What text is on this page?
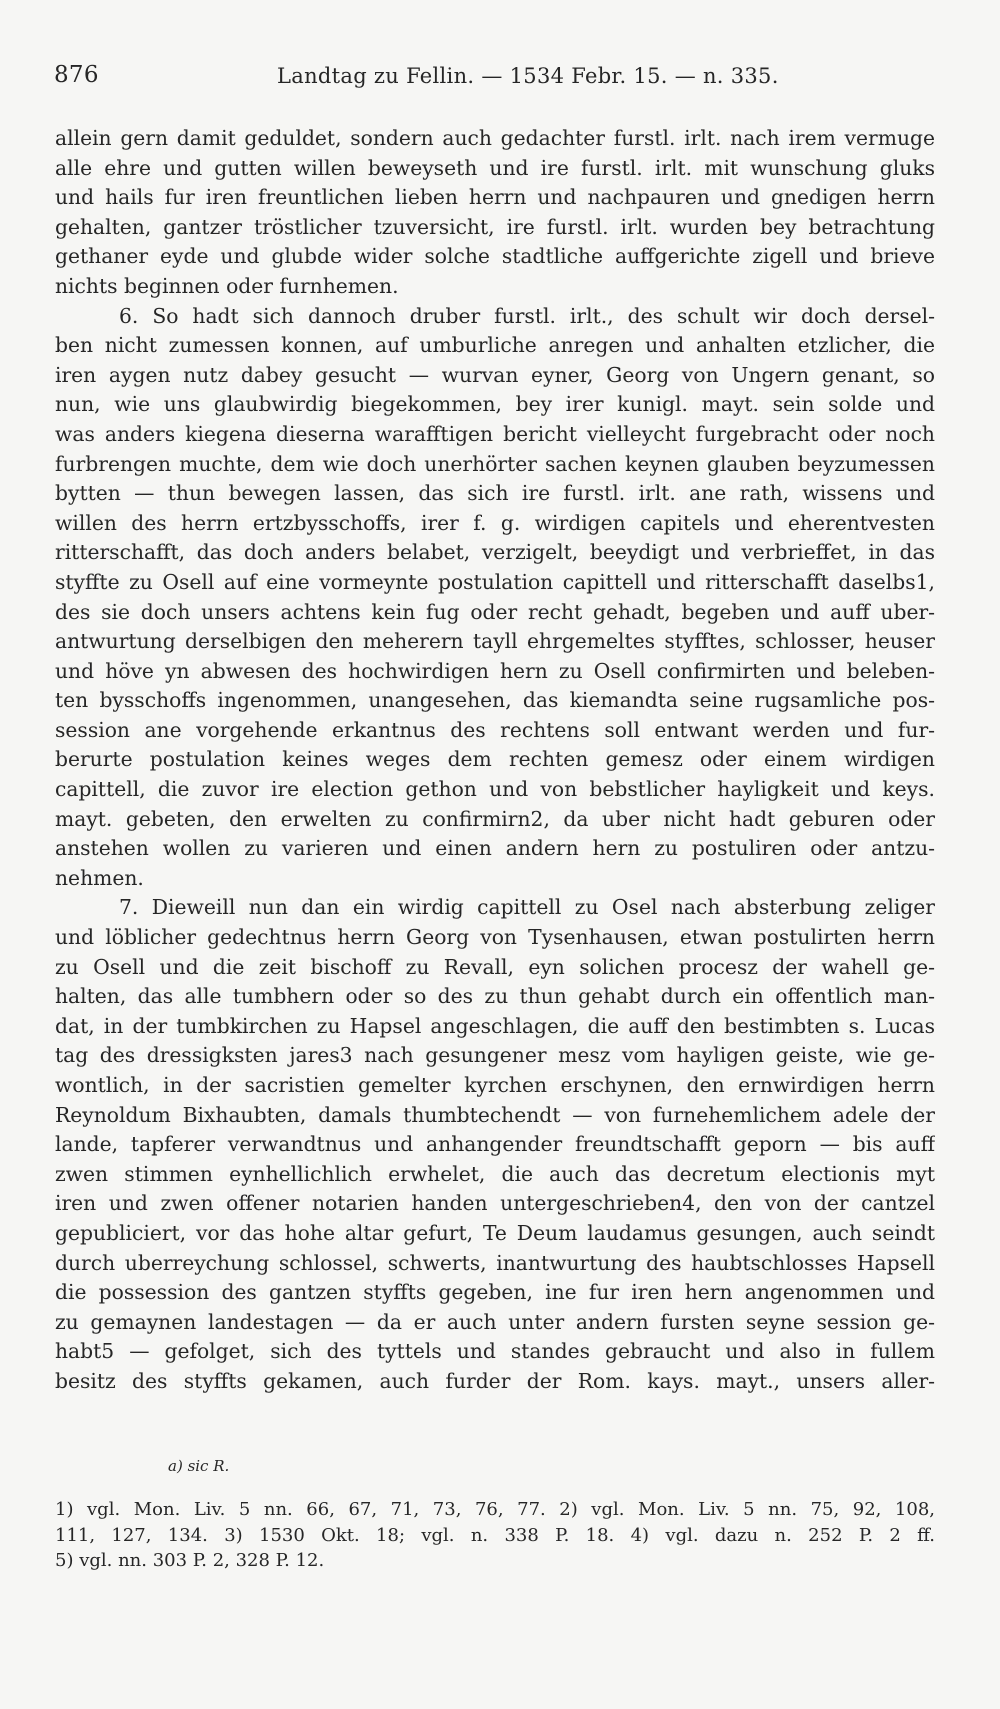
876	Landtag zu Fellin. — 1534 Febr. 15. — n. 335.
allein gern damit geduldet, sondern auch gedachter furstl. irlt. nach irem vermuge
alle ehre und gutten willen beweyseth und ire furstl. irlt. mit wunschung gluks
und hails fur iren freuntlichen lieben herrn und nachpauren und gnedigen herrn
gehalten, gantzer tröstlicher tzuversicht, ire furstl. irlt. wurden bey betrachtung
gethaner eyde und glubde wider solche stadtliche auffgerichte zigell und brieve
nichts beginnen oder furnhemen.
6. So hadt sich dannoch druber furstl. irlt., des schult wir doch dersel-
ben nicht zumessen konnen, auf umburliche anregen und anhalten etzlicher, die
iren aygen nutz dabey gesucht — wurvan eyner, Georg von Ungern genant, so
nun, wie uns glaubwirdig biegekommen, bey irer kunigl. mayt. sein solde und
was anders kiegena dieserna warafftigen bericht vielleycht furgebracht oder noch
furbrengen muchte, dem wie doch unerhörter sachen keynen glauben beyzumessen
bytten — thun bewegen lassen, das sich ire furstl. irlt. ane rath, wissens und
willen des herrn ertzbysschoffs, irer f. g. wirdigen capitels und eherentvesten
ritterschafft, das doch anders belabet, verzigelt, beeydigt und verbrieffet, in das
styffte zu Osell auf eine vormeynte postulation capittell und ritterschafft daselbs1,
des sie doch unsers achtens kein fug oder recht gehadt, begeben und auff uber-
antwurtung derselbigen den meherern tayll ehrgemeltes styfftes, schlosser, heuser
und höve yn abwesen des hochwirdigen hern zu Osell confirmirten und beleben-
ten bysschoffs ingenommen, unangesehen, das kiemandta seine rugsamliche pos-
session ane vorgehende erkantnus des rechtens soll entwant werden und fur-
berurte postulation keines weges dem rechten gemesz oder einem wirdigen
capittell, die zuvor ire election gethon und von bebstlicher hayligkeit und keys.
mayt. gebeten, den erwelten zu confirmirn2, da uber nicht hadt geburen oder
anstehen wollen zu varieren und einen andern hern zu postuliren oder antzu-
nehmen.
7. Dieweill nun dan ein wirdig capittell zu Osel nach absterbung zeliger
und löblicher gedechtnus herrn Georg von Tysenhausen, etwan postulirten herrn
zu Osell und die zeit bischoff zu Revall, eyn solichen procesz der wahell ge-
halten, das alle tumbhern oder so des zu thun gehabt durch ein offentlich man-
dat, in der tumbkirchen zu Hapsel angeschlagen, die auff den bestimbten s. Lucas
tag des dressigksten jares3 nach gesungener mesz vom hayligen geiste, wie ge-
wontlich, in der sacristien gemelter kyrchen erschynen, den ernwirdigen herrn
Reynoldum Bixhaubten, damals thumbtechendt — von furnehemlichem adele der
lande, tapferer verwandtnus und anhangender freundtschafft geporn — bis auff
zwen stimmen eynhellichlich erwhelet, die auch das decretum electionis myt
iren und zwen offener notarien handen untergeschrieben4, den von der cantzel
gepubliciert, vor das hohe altar gefurt, Te Deum laudamus gesungen, auch seindt
durch uberreychung schlossel, schwerts, inantwurtung des haubtschlosses Hapsell
die possession des gantzen styffts gegeben, ine fur iren hern angenommen und
zu gemaynen landestagen — da er auch unter andern fursten seyne session ge-
habt5 — gefolget, sich des tyttels und standes gebraucht und also in fullem
besitz des styffts gekamen, auch furder der Rom. kays. mayt., unsers aller-
a) sic R.
1) vgl. Mon. Liv. 5 nn. 66, 67, 71, 73, 76, 77. 2) vgl. Mon. Liv. 5 nn. 75, 92, 108,
111, 127, 134. 3) 1530 Okt. 18; vgl. n. 338 P. 18. 4) vgl. dazu n. 252 P. 2 ff.
5) vgl. nn. 303 P. 2, 328 P. 12.
